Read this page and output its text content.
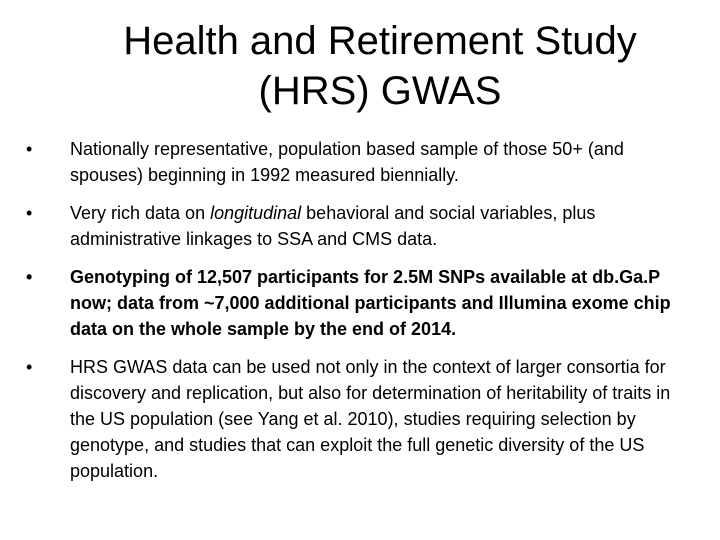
Health and Retirement Study
(HRS) GWAS
•	Nationally representative, population based sample of those 50+ (and spouses) beginning in 1992 measured biennially.
•	Very rich data on longitudinal behavioral and social variables, plus administrative linkages to SSA and CMS data.
•	Genotyping of 12,507 participants for 2.5M SNPs available at db.Ga.P now; data from ~7,000 additional participants and Illumina exome chip data on the whole sample by the end of 2014.
•	HRS GWAS data can be used not only in the context of larger consortia for discovery and replication, but also for determination of heritability of traits in the US population (see Yang et al. 2010), studies requiring selection by genotype, and studies that can exploit the full genetic diversity of the US population.
